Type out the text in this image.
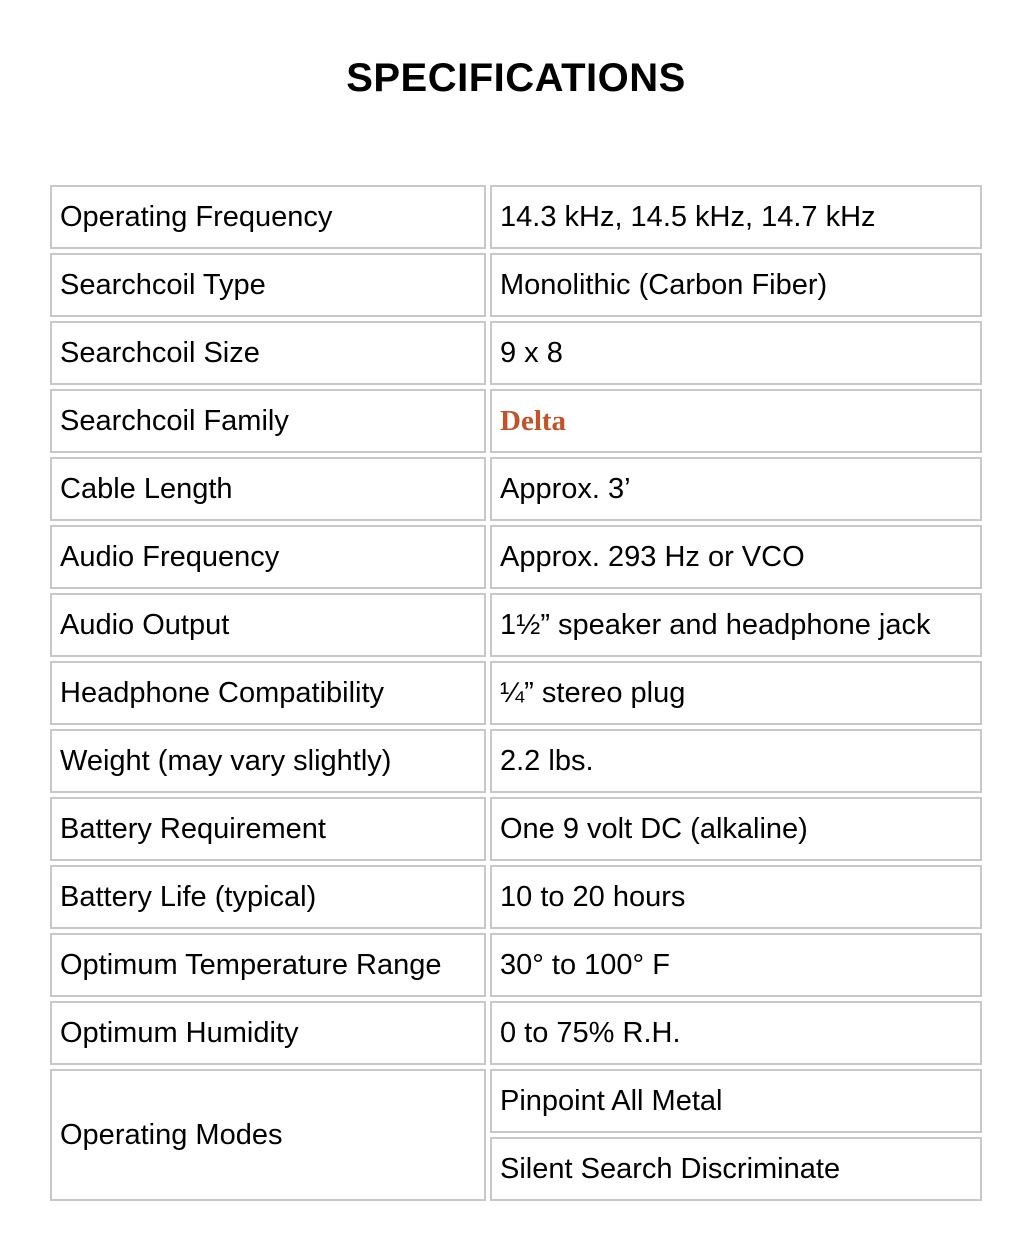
SPECIFICATIONS
Operating Frequency	14.3 kHz, 14.5 kHz, 14.7 kHz
Searchcoil Type	Monolithic (Carbon Fiber)
Searchcoil Size	9 x 8
Searchcoil Family	Delta
Cable Length	Approx. 3’
Audio Frequency	Approx. 293 Hz or VCO
Audio Output	1½” speaker and headphone jack
Headphone Compatibility	¼” stereo plug
Weight (may vary slightly)	2.2 lbs.
Battery Requirement	One 9 volt DC (alkaline)
Battery Life (typical)	10 to 20 hours
Optimum Temperature Range	30° to 100° F
Optimum Humidity	0 to 75% R.H.
Operating Modes	Pinpoint All Metal
	Silent Search Discriminate
